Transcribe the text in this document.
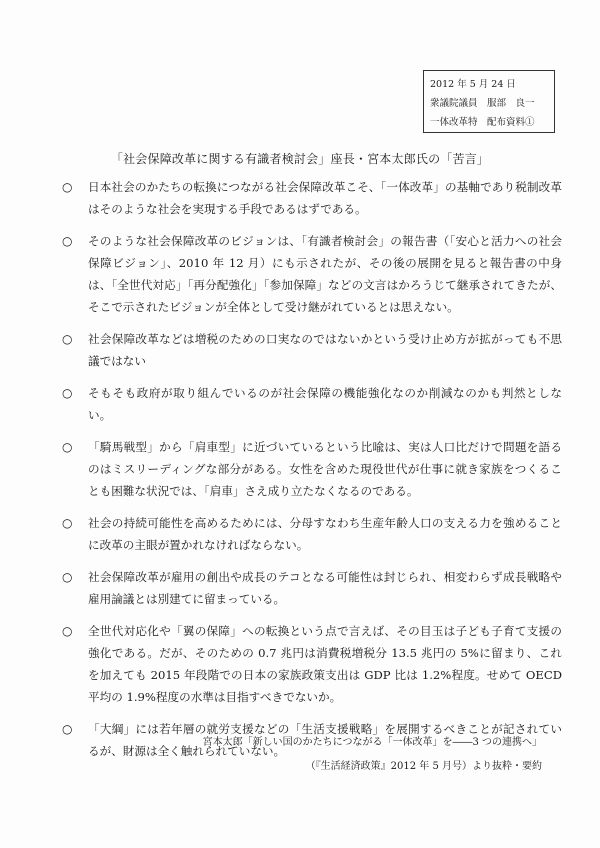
2012 年 5 月 24 日
衆議院議員　服部　良一
一体改革特　配布資料①
「社会保障改革に関する有識者検討会」座長・宮本太郎氏の「苦言」
○ 日本社会のかたちの転換につながる社会保障改革こそ、「一体改革」の基軸であり税制改革はそのような社会を実現する手段であるはずである。
○ そのような社会保障改革のビジョンは、「有識者検討会」の報告書（「安心と活力への社会保障ビジョン」、2010 年 12 月）にも示されたが、その後の展開を見ると報告書の中身は、「全世代対応」「再分配強化」「参加保障」などの文言はかろうじて継承されてきたが、そこで示されたビジョンが全体として受け継がれているとは思えない。
○ 社会保障改革などは増税のための口実なのではないかという受け止め方が拡がっても不思議ではない
○ そもそも政府が取り組んでいるのが社会保障の機能強化なのか削減なのかも判然としない。
○ 「騎馬戦型」から「肩車型」に近づいているという比喩は、実は人口比だけで問題を語るのはミスリーディングな部分がある。女性を含めた現役世代が仕事に就き家族をつくることも困難な状況では、「肩車」さえ成り立たなくなるのである。
○ 社会の持続可能性を高めるためには、分母すなわち生産年齢人口の支える力を強めることに改革の主眼が置かれなければならない。
○ 社会保障改革が雇用の創出や成長のテコとなる可能性は封じられ、相変わらず成長戦略や雇用論議とは別建てに留まっている。
○ 全世代対応化や「翼の保障」への転換という点で言えば、その目玉は子ども子育て支援の強化である。だが、そのための 0.7 兆円は消費税増税分 13.5 兆円の 5%に留まり、これを加えても 2015 年段階での日本の家族政策支出は GDP 比は 1.2%程度。せめて OECD 平均の 1.9%程度の水準は目指すべきでないか。
○ 「大綱」には若年層の就労支援などの「生活支援戦略」を展開するべきことが記されているが、財源は全く触れられていない。
宮本太郎「新しい国のかたちにつながる「一体改革」を――3 つの連携へ」
（『生活経済政策』2012 年 5 月号）より抜粋・要約
